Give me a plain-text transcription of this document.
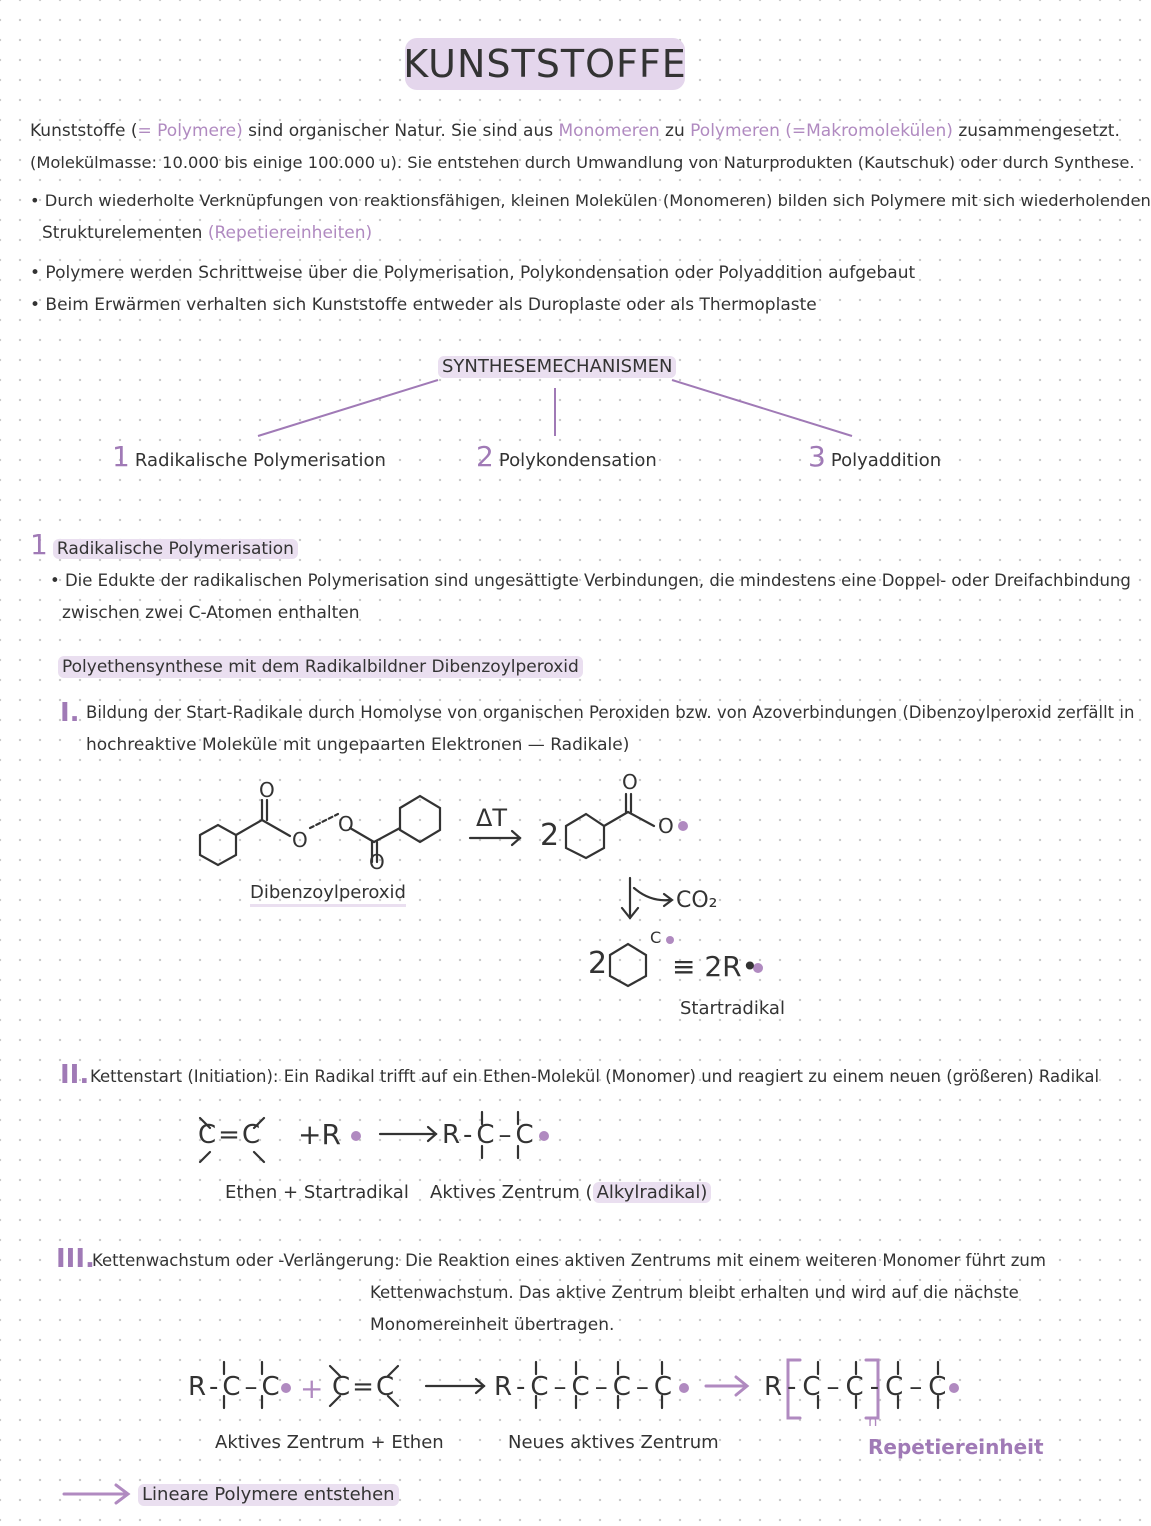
KUNSTSTOFFE
Kunststoffe (= Polymere) sind organischer Natur. Sie sind aus Monomeren zu Polymeren (=Makromolekülen) zusammengesetzt.
(Molekülmasse: 10.000 bis einige 100.000 u). Sie entstehen durch Umwandlung von Naturprodukten (Kautschuk) oder durch Synthese.
• Durch wiederholte Verknüpfungen von reaktionsfähigen, kleinen Molekülen (Monomeren) bilden sich Polymere mit sich wiederholenden
Strukturelementen (Repetiereinheiten)
• Polymere werden Schrittweise über die Polymerisation, Polykondensation oder Polyaddition aufgebaut
• Beim Erwärmen verhalten sich Kunststoffe entweder als Duroplaste oder als Thermoplaste
SYNTHESEMECHANISMEN
1 Radikalische Polymerisation	2 Polykondensation	3 Polyaddition
1 Radikalische Polymerisation
• Die Edukte der radikalischen Polymerisation sind ungesättigte Verbindungen, die mindestens eine Doppel- oder Dreifachbindung
zwischen zwei C-Atomen enthalten
Polyethensynthese mit dem Radikalbildner Dibenzoylperoxid
I. Bildung der Start-Radikale durch Homolyse von organischen Peroxiden bzw. von Azoverbindungen (Dibenzoylperoxid zerfällt in
hochreaktive Moleküle mit ungepaarten Elektronen — Radikale)
O
O
O
O
O
O
ΔT 2
CO₂
2
C
≡ 2R•
Dibenzoylperoxid
Startradikal
II. Kettenstart (Initiation): Ein Radikal trifft auf ein Ethen-Molekül (Monomer) und reagiert zu einem neuen (größeren) Radikal
C=C +R	R-C–C
Ethen + Startradikal Aktives Zentrum ( Alkylradikal)
III.
Kettenwachstum oder -Verlängerung: Die Reaktion eines aktiven Zentrums mit einem weiteren Monomer führt zum
Kettenwachstum. Das aktive Zentrum bleibt erhalten und wird auf die nächste
Monomereinheit übertragen.
R-C–C + C=C	R-C–C–C–C	R-C–C-C–C
n
Aktives Zentrum + Ethen	Neues aktives Zentrum	Repetiereinheit
Lineare Polymere entstehen
